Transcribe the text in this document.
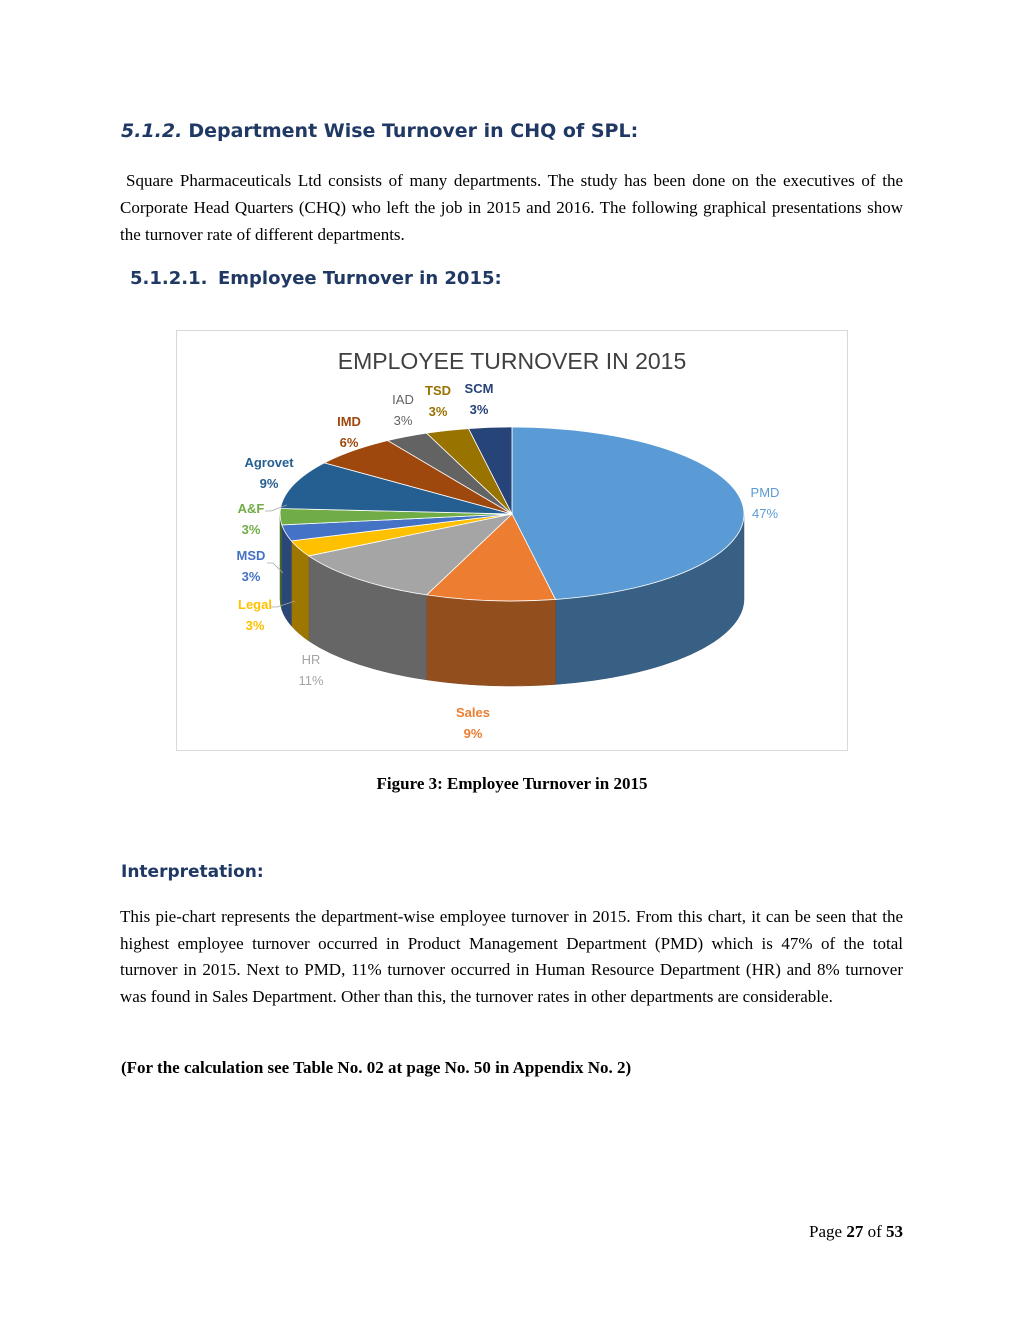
5.1.2. Department Wise Turnover in CHQ of SPL:
Square Pharmaceuticals Ltd consists of many departments. The study has been done on the executives of the Corporate Head Quarters (CHQ) who left the job in 2015 and 2016. The following graphical presentations show the turnover rate of different departments.
5.1.2.1. Employee Turnover in 2015:
EMPLOYEE TURNOVER IN 2015
PMD
47%
Sales
9%
HR
11%
Legal
3%
MSD
3%
A&F
3%
Agrovet
9%
IMD
6%
IAD
3%
TSD
3%
SCM
3%
Figure 3: Employee Turnover in 2015
Interpretation:
This pie-chart represents the department-wise employee turnover in 2015. From this chart, it can be seen that the highest employee turnover occurred in Product Management Department (PMD) which is 47% of the total turnover in 2015. Next to PMD, 11% turnover occurred in Human Resource Department (HR) and 8% turnover was found in Sales Department. Other than this, the turnover rates in other departments are considerable.
(For the calculation see Table No. 02 at page No. 50 in Appendix No. 2)
Page 27 of 53
